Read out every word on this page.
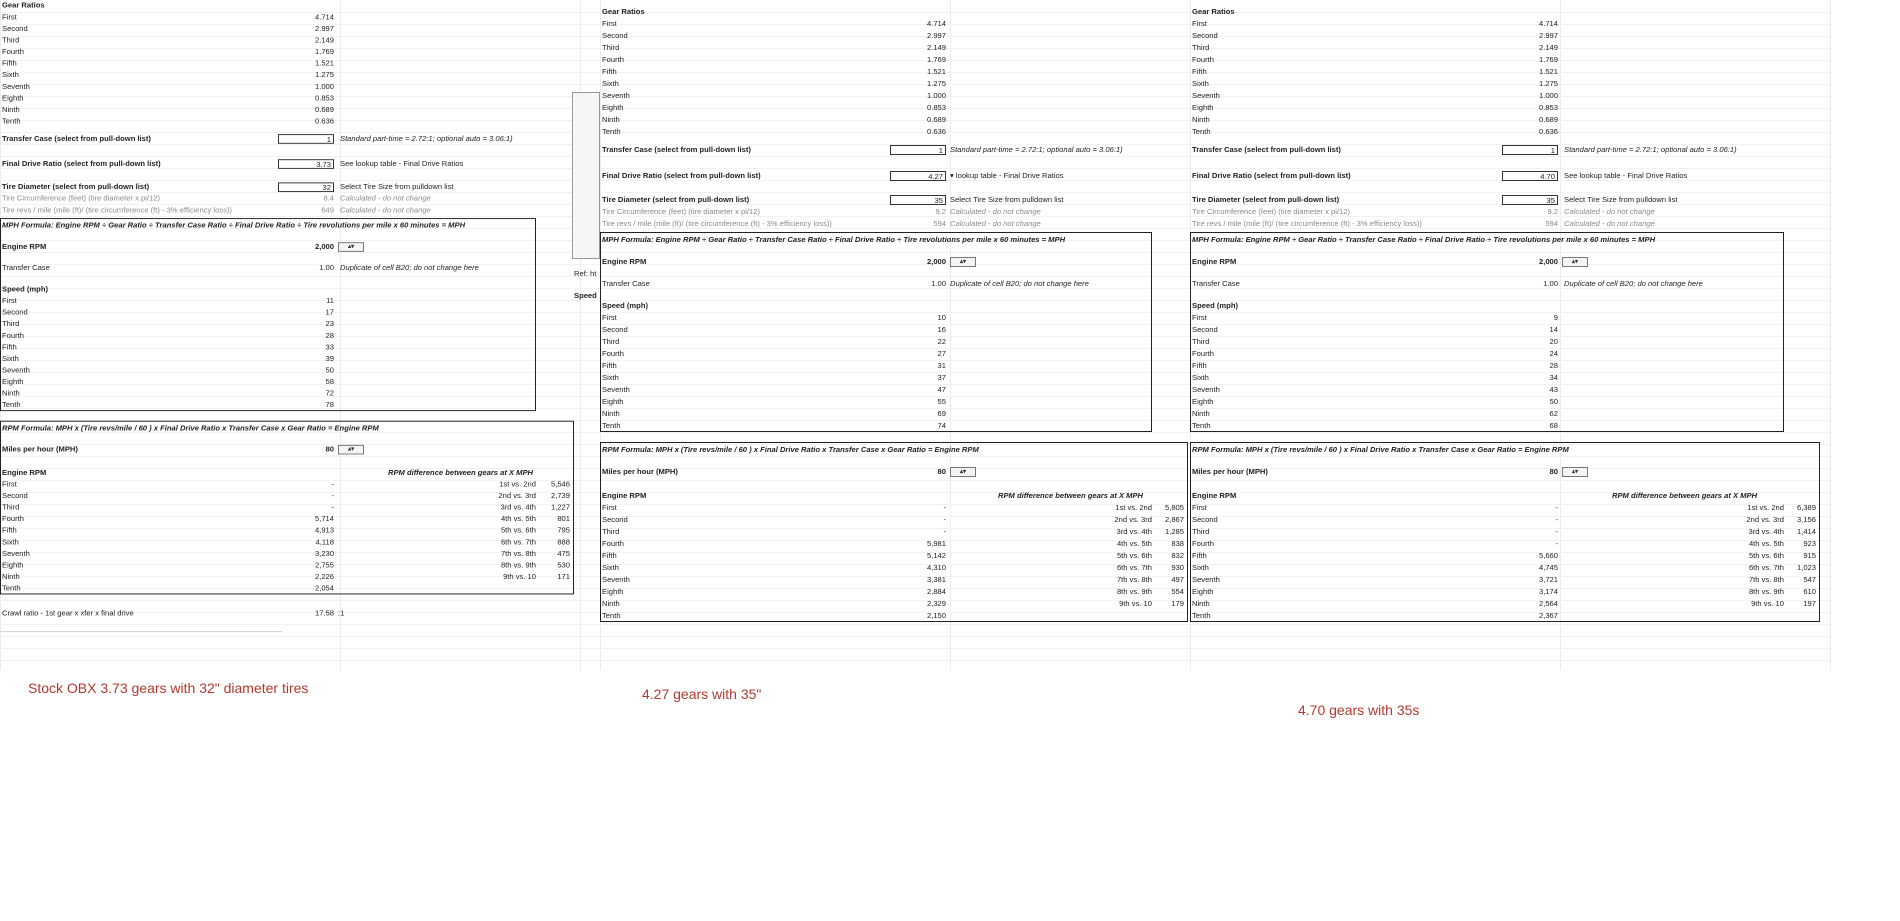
Ref: ht
Speed
Gear Ratios
First	4.714
Second	2.997
Third	2.149
Fourth	1.769
Fifth	1.521
Sixth	1.275
Seventh	1.000
Eighth	0.853
Ninth	0.689
Tenth	0.636
Transfer Case (select from pull-down list)	1	Standard part-time = 2.72:1; optional auto = 3.06:1)
Final Drive Ratio (select from pull-down list)	3.73	See lookup table - Final Drive Ratios
Tire Diameter (select from pull-down list)	32	Select Tire Size from pulldown list
Tire Circumference (feet) (tire diameter x pi/12)	8.4 Calculated - do not change
Tire revs / mile (mile (ft)/ (tire circumference (ft) - 3% efficiency loss))	649 Calculated - do not change
MPH Formula: Engine RPM ÷ Gear Ratio ÷ Transfer Case Ratio ÷ Final Drive Ratio ÷ Tire revolutions per mile x 60 minutes = MPH
Engine RPM	2,000	▴▾
Transfer Case	1.00 Duplicate of cell B20; do not change here
Speed (mph)
First	11
Second	17
Third	23
Fourth	28
Fifth	33
Sixth	39
Seventh	50
Eighth	58
Ninth	72
Tenth	78
RPM Formula: MPH x (Tire revs/mile / 60 ) x Final Drive Ratio x Transfer Case x Gear Ratio = Engine RPM
Miles per hour (MPH)	80	▴▾
Engine RPM	RPM difference between gears at X MPH
First	-	1st vs. 2nd 5,546
Second	-	2nd vs. 3rd 2,739
Third	-	3rd vs. 4th 1,227
Fourth	5,714	4th vs. 5th	801
Fifth	4,913	5th vs. 6th	795
Sixth	4,118	6th vs. 7th	888
Seventh	3,230	7th vs. 8th	475
Eighth	2,755	8th vs. 9th	530
Ninth	2,226	9th vs. 10	171
Tenth	2,054
Crawl ratio - 1st gear x xfer x final drive	17.58 :1
Gear Ratios
First	4.714
Second	2.997
Third	2.149
Fourth	1.769
Fifth	1.521
Sixth	1.275
Seventh	1.000
Eighth	0.853
Ninth	0.689
Tenth	0.636
Transfer Case (select from pull-down list)	1 Standard part-time = 2.72:1; optional auto = 3.06:1)
Final Drive Ratio (select from pull-down list)	4.27 ▾ lookup table - Final Drive Ratios
Tire Diameter (select from pull-down list)	35 Select Tire Size from pulldown list
Tire Circumference (feet) (tire diameter x pi/12)	9.2 Calculated - do not change
Tire revs / mile (mile (ft)/ (tire circumference (ft) - 3% efficiency loss))	594 Calculated - do not change
MPH Formula: Engine RPM ÷ Gear Ratio ÷ Transfer Case Ratio ÷ Final Drive Ratio ÷ Tire revolutions per mile x 60 minutes = MPH
Engine RPM	2,000	▴▾
Transfer Case	1.00 Duplicate of cell B20; do not change here
Speed (mph)
First	10
Second	16
Third	22
Fourth	27
Fifth	31
Sixth	37
Seventh	47
Eighth	55
Ninth	69
Tenth	74
RPM Formula: MPH x (Tire revs/mile / 60 ) x Final Drive Ratio x Transfer Case x Gear Ratio = Engine RPM
Miles per hour (MPH)	80	▴▾
Engine RPM	RPM difference between gears at X MPH
First	-	1st vs. 2nd 5,805
Second	-	2nd vs. 3rd 2,867
Third	-	3rd vs. 4th 1,285
Fourth	5,981	4th vs. 5th	838
Fifth	5,142	5th vs. 6th	832
Sixth	4,310	6th vs. 7th	930
Seventh	3,381	7th vs. 8th	497
Eighth	2,884	8th vs. 9th	554
Ninth	2,329	9th vs. 10	179
Tenth	2,150
Gear Ratios
First	4.714
Second	2.997
Third	2.149
Fourth	1.769
Fifth	1.521
Sixth	1.275
Seventh	1.000
Eighth	0.853
Ninth	0.689
Tenth	0.636
Transfer Case (select from pull-down list)	1	Standard part-time = 2.72:1; optional auto = 3.06:1)
Final Drive Ratio (select from pull-down list)	4.70	See lookup table - Final Drive Ratios
Tire Diameter (select from pull-down list)	35	Select Tire Size from pulldown list
Tire Circumference (feet) (tire diameter x pi/12)	9.2 Calculated - do not change
Tire revs / mile (mile (ft)/ (tire circumference (ft) - 3% efficiency loss))	594 Calculated - do not change
MPH Formula: Engine RPM ÷ Gear Ratio ÷ Transfer Case Ratio ÷ Final Drive Ratio ÷ Tire revolutions per mile x 60 minutes = MPH
Engine RPM	2,000	▴▾
Transfer Case	1.00 Duplicate of cell B20; do not change here
Speed (mph)
First	9
Second	14
Third	20
Fourth	24
Fifth	28
Sixth	34
Seventh	43
Eighth	50
Ninth	62
Tenth	68
RPM Formula: MPH x (Tire revs/mile / 60 ) x Final Drive Ratio x Transfer Case x Gear Ratio = Engine RPM
Miles per hour (MPH)	80	▴▾
Engine RPM	RPM difference between gears at X MPH
First	-	1st vs. 2nd 6,389
Second	-	2nd vs. 3rd 3,156
Third	-	3rd vs. 4th 1,414
Fourth	-	4th vs. 5th	923
Fifth	5,660	5th vs. 6th	915
Sixth	4,745	6th vs. 7th 1,023
Seventh	3,721	7th vs. 8th	547
Eighth	3,174	8th vs. 9th	610
Ninth	2,564	9th vs. 10	197
Tenth	2,367
Stock OBX 3.73 gears with 32" diameter tires	4.27 gears with 35"
4.70 gears with 35s
